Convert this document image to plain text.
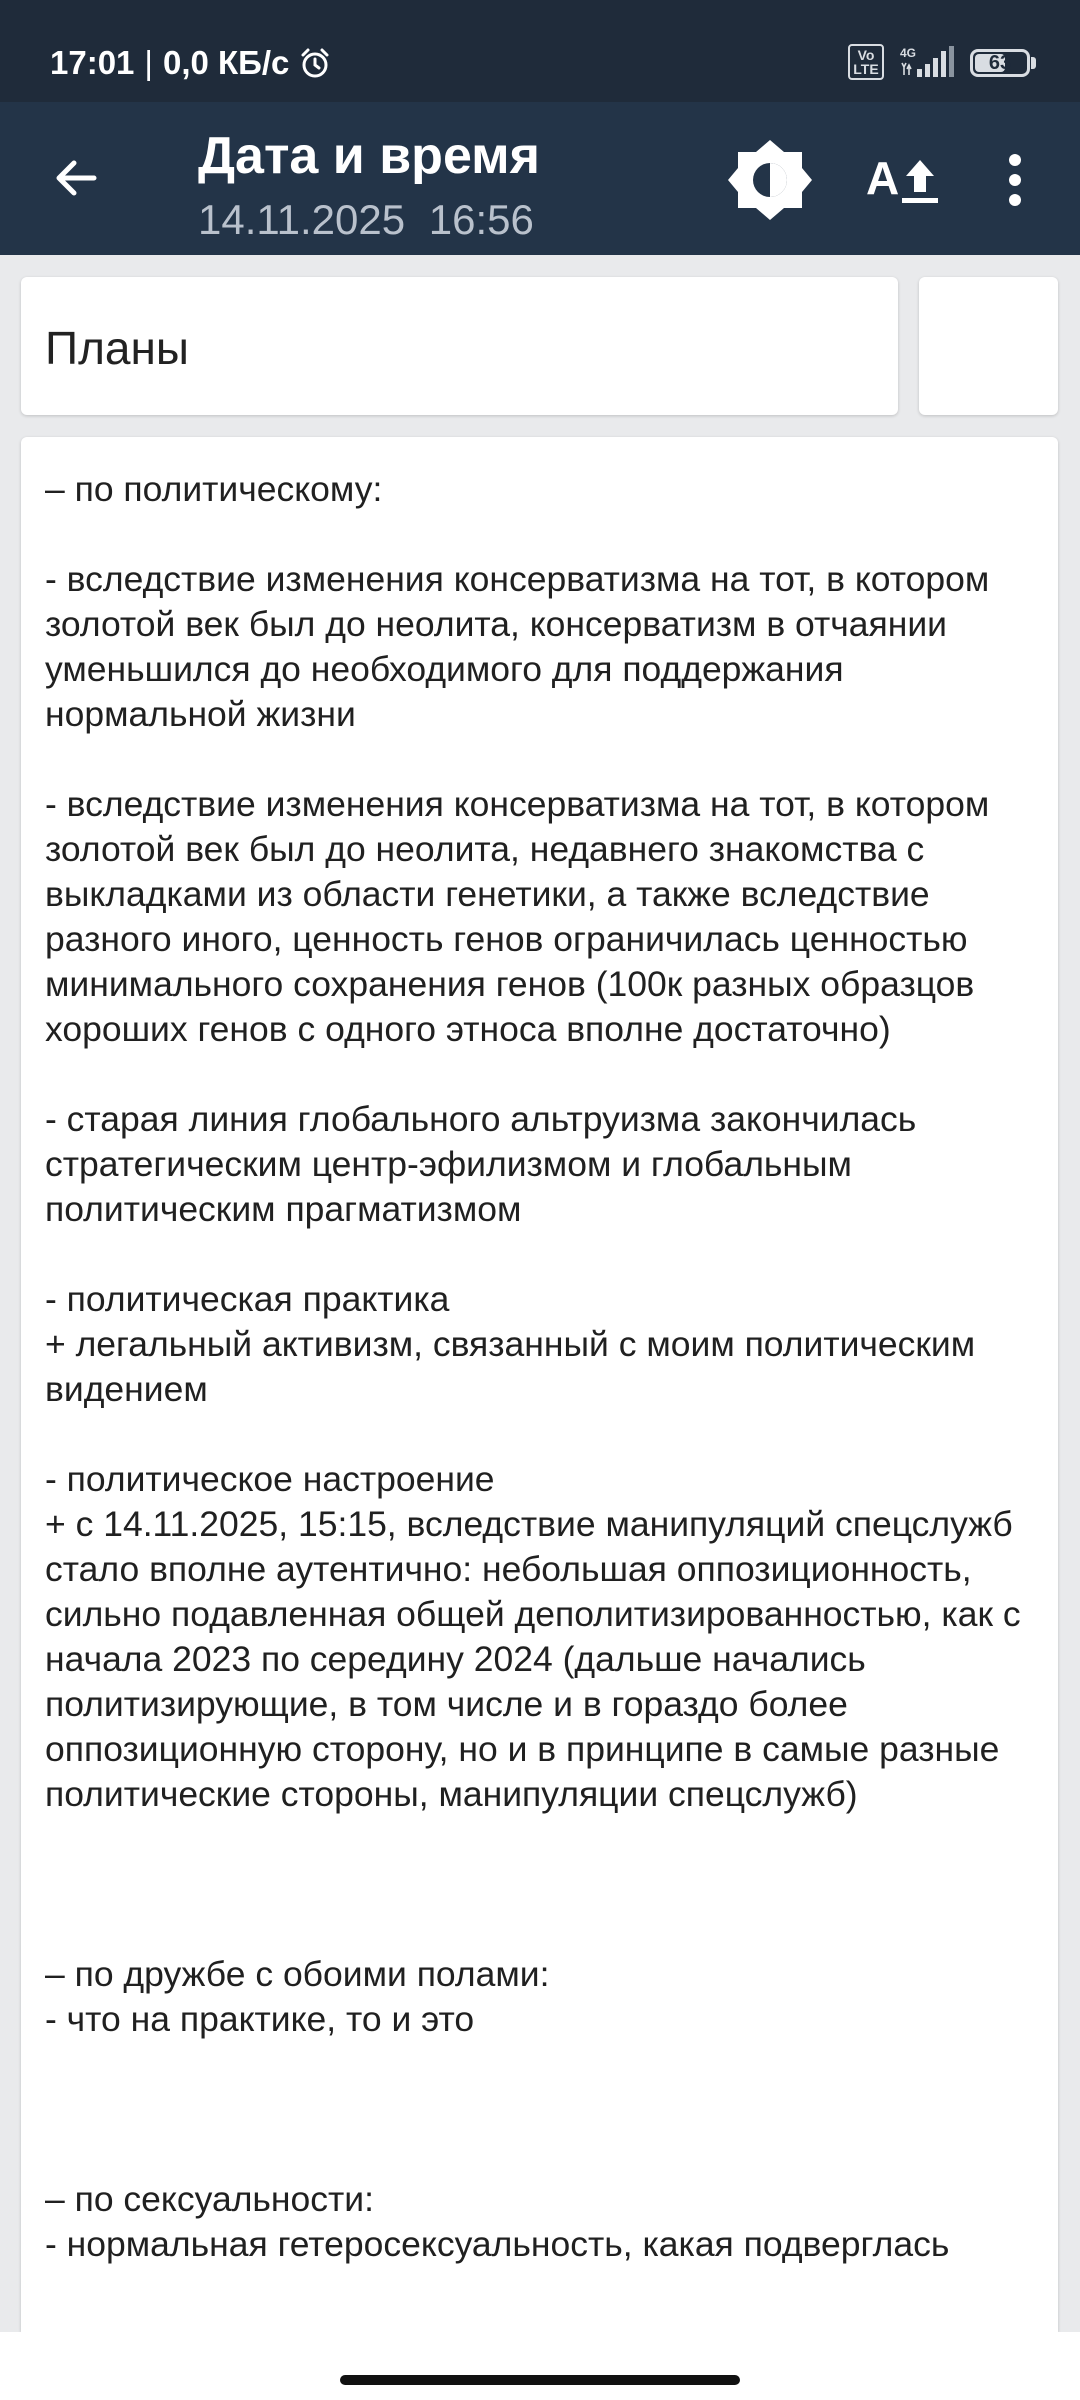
17:01 | 0,0 КБ/с	Vo LTE
4G	63
Дата и время
14.11.2025 16:56
A
Планы
– по политическому:

- вследствие изменения консерватизма на тот, в котором золотой век был до неолита, консерватизм в отчаянии уменьшился до необходимого для поддержания нормальной жизни

- вследствие изменения консерватизма на тот, в котором золотой век был до неолита, недавнего знакомства с выкладками из области генетики, а также вследствие разного иного, ценность генов ограничилась ценностью минимального сохранения генов (100к разных образцов хороших генов с одного этноса вполне достаточно)

- старая линия глобального альтруизма закончилась стратегическим центр-эфилизмом и глобальным политическим прагматизмом

- политическая практика
+ легальный активизм, связанный с моим политическим видением

- политическое настроение
+ с 14.11.2025, 15:15, вследствие манипуляций спецслужб стало вполне аутентично: небольшая оппозиционность, сильно подавленная общей деполитизированностью, как с начала 2023 по середину 2024 (дальше начались политизирующие, в том числе и в гораздо более оппозиционную сторону, но и в принципе в самые разные политические стороны, манипуляции спецслужб)

– по дружбе с обоими полами:
- что на практике, то и это

– по сексуальности:
- нормальная гетеросексуальность, какая подверглась
